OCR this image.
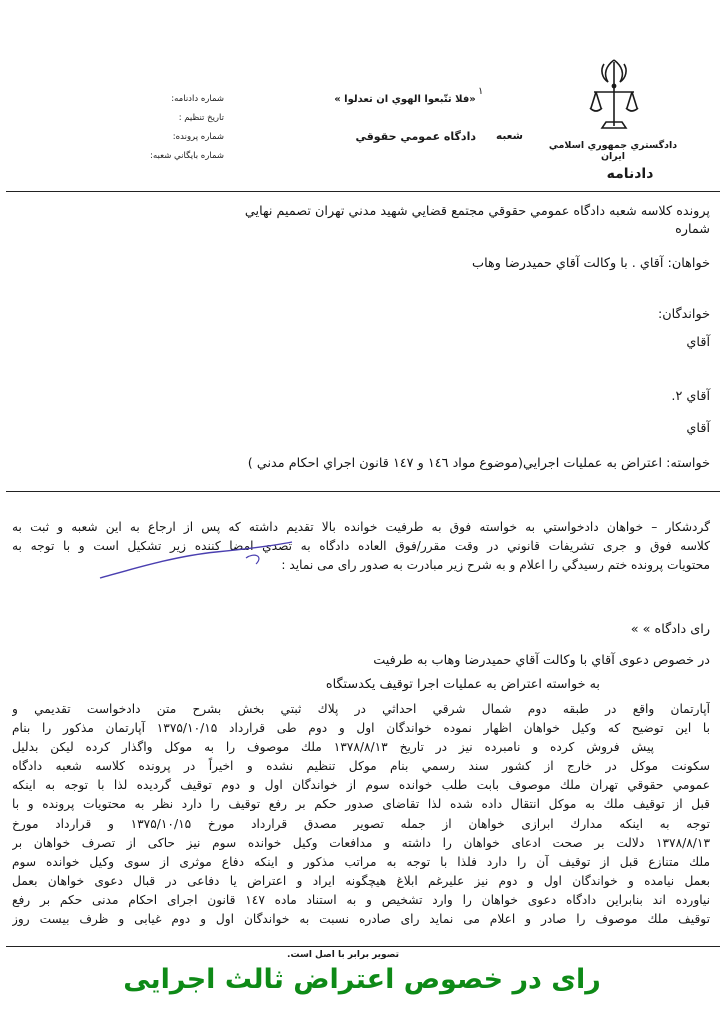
دادگستري جمهوري اسلامي ايران
۱
«فلا تتّبعوا الهوي ان تعدلوا »
شعبه
دادگاه عمومي حقوقي
شماره دادنامه:
تاريخ تنظيم :
شماره پرونده:
شماره بايگاني شعبه:
دادنامه
پرونده كلاسه شعبه دادگاه عمومي حقوقي مجتمع قضايي شهيد مدني تهران تصميم نهايي
شماره
خواهان: آقاي . با وكالت آقاي حميدرضا وهاب
خواندگان:
آقاي
آقاي ۲.
آقاي
خواسته: اعتراض به عمليات اجرايي(موضوع مواد ١٤٦ و ١٤٧ قانون اجراي احكام مدني )
گردشكار – خواهان دادخواستي به خواسته فوق به طرفيت خوانده بالا تقديم داشته كه پس از ارجاع به اين شعبه و ثبت به
كلاسه فوق و جرى تشريفات قانوني در وقت مقرر/فوق العاده دادگاه به تصدي امضا كننده زير تشكيل است و با توجه به
محتويات پرونده ختم رسيدگي را اعلام و به شرح زير مبادرت به صدور راى مى نمايد :
راى دادگاه » »
در خصوص دعوى آقاي با وكالت آقاي حميدرضا وهاب به طرفيت
به خواسته اعتراض به عمليات اجرا توقيف يكدستگاه
آپارتمان واقع در طبقه دوم شمال شرقي احداثي در پلاك ثبتي بخش بشرح متن دادخواست تقديمي و
با اين توضيح كه وكيل خواهان اظهار نموده خواندگان اول و دوم طى قرارداد ۱۳۷۵/۱۰/۱۵ آپارتمان مذكور را بنام
پيش فروش كرده و نامبرده نيز در تاريخ ۱۳۷۸/۸/۱۳ ملك موصوف را به موكل واگذار كرده ليكن بدليل
سكونت موكل در خارج از كشور سند رسمي بنام موكل تنظيم نشده و اخيراً در پرونده كلاسه شعبه دادگاه
عمومي حقوقي تهران ملك موصوف بابت طلب خوانده سوم از خواندگان اول و دوم توقيف گرديده لذا با توجه به اينكه
قبل از توقيف ملك به موكل انتقال داده شده لذا تقاضاى صدور حكم بر رفع توقيف را دارد نظر به محتويات پرونده و با
توجه به اينكه مدارك ابرازى خواهان از جمله تصوير مصدق قرارداد مورخ ۱۳۷۵/۱۰/۱۵ و قرارداد مورخ
۱۳۷۸/۸/۱۳ دلالت بر صحت ادعاى خواهان را داشته و مدافعات وكيل خوانده سوم نيز حاكى از تصرف خواهان بر
ملك متنازع قبل از توقيف آن را دارد فلذا با توجه به مراتب مذكور و اينكه دفاع موثرى از سوى وكيل خوانده سوم
بعمل نيامده و خواندگان اول و دوم نيز عليرغم ابلاغ هيچگونه ايراد و اعتراض يا دفاعى در قبال دعوى خواهان بعمل
نياورده اند بنابراين دادگاه دعوى خواهان را وارد تشخيص و به استناد ماده ١٤٧ قانون اجراى احكام مدنى حكم بر رفع
توقيف ملك موصوف را صادر و اعلام مى نمايد راى صادره نسبت به خواندگان اول و دوم غيابى و ظرف بيست روز
تصوير برابر با اصل است.
رای در خصوص اعتراض ثالث اجرایی
